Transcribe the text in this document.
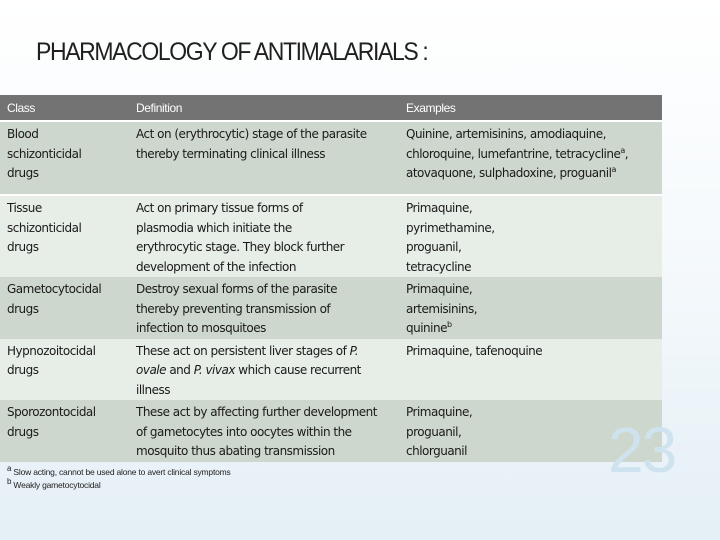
PHARMACOLOGY OF ANTIMALARIALS :
Class	Definition	Examples
Blood schizonticidal drugs	Act on (erythrocytic) stage of the parasite thereby terminating clinical illness	Quinine, artemisinins, amodiaquine, chloroquine, lumefantrine, tetracycline$^a$, atovaquone, sulphadoxine, proguanil$^a$
Tissue schizonticidal drugs	Act on primary tissue forms of plasmodia which initiate the erythrocytic stage. They block further development of the infection	Primaquine, pyrimethamine, proguanil, tetracycline
Gametocytocidal drugs	Destroy sexual forms of the parasite thereby preventing transmission of infection to mosquitoes	Primaquine, artemisinins, quinine$^b$
Hypnozoitocidal drugs	These act on persistent liver stages of P. ovale and P. vivax which cause recurrent illness	Primaquine, tafenoquine
Sporozontocidal drugs	These act by affecting further development of gametocytes into oocytes within the mosquito thus abating transmission	Primaquine, proguanil, chlorguanil
$^a$ Slow acting, cannot be used alone to avert clinical symptoms
$^b$ Weakly gametocytocidal	23
